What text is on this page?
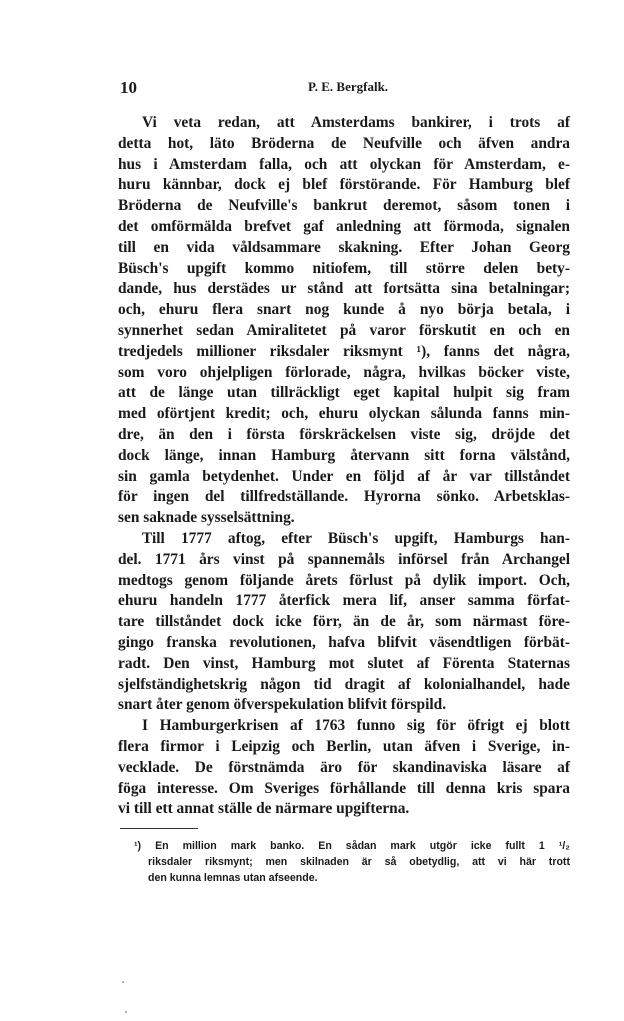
10	P. E. Bergfalk.
Vi veta redan, att Amsterdams bankirer, i trots af
detta hot, läto Bröderna de Neufville och äfven andra
hus i Amsterdam falla, och att olyckan för Amsterdam, e-
huru kännbar, dock ej blef förstörande. För Hamburg blef
Bröderna de Neufville's bankrut deremot, såsom tonen i
det omförmälda brefvet gaf anledning att förmoda, signalen
till en vida våldsammare skakning. Efter Johan Georg
Büsch's upgift kommo nitiofem, till större delen bety-
dande, hus derstädes ur stånd att fortsätta sina betalningar;
och, ehuru flera snart nog kunde å nyo börja betala, i
synnerhet sedan Amiralitetet på varor förskutit en och en
tredjedels millioner riksdaler riksmynt ¹), fanns det några,
som voro ohjelpligen förlorade, några, hvilkas böcker viste,
att de länge utan tillräckligt eget kapital hulpit sig fram
med oförtjent kredit; och, ehuru olyckan sålunda fanns min-
dre, än den i första förskräckelsen viste sig, dröjde det
dock länge, innan Hamburg återvann sitt forna välstånd,
sin gamla betydenhet. Under en följd af år var tillståndet
för ingen del tillfredställande. Hyrorna sönko. Arbetsklas-
sen saknade sysselsättning.
Till 1777 aftog, efter Büsch's upgift, Hamburgs han-
del. 1771 års vinst på spannemåls införsel från Archangel
medtogs genom följande årets förlust på dylik import. Och,
ehuru handeln 1777 återfick mera lif, anser samma förfat-
tare tillståndet dock icke förr, än de år, som närmast före-
gingo franska revolutionen, hafva blifvit väsendtligen förbät-
radt. Den vinst, Hamburg mot slutet af Förenta Staternas
sjelfständighetskrig någon tid dragit af kolonialhandel, hade
snart åter genom öfverspekulation blifvit förspild.
I Hamburgerkrisen af 1763 funno sig för öfrigt ej blott
flera firmor i Leipzig och Berlin, utan äfven i Sverige, in-
vecklade. De förstnämda äro för skandinaviska läsare af
föga interesse. Om Sveriges förhållande till denna kris spara
vi till ett annat ställe de närmare upgifterna.
¹) En million mark banko. En sådan mark utgör icke fullt 1 ¹/₂
riksdaler riksmynt; men skilnaden är så obetydlig, att vi här trott
den kunna lemnas utan afseende.
